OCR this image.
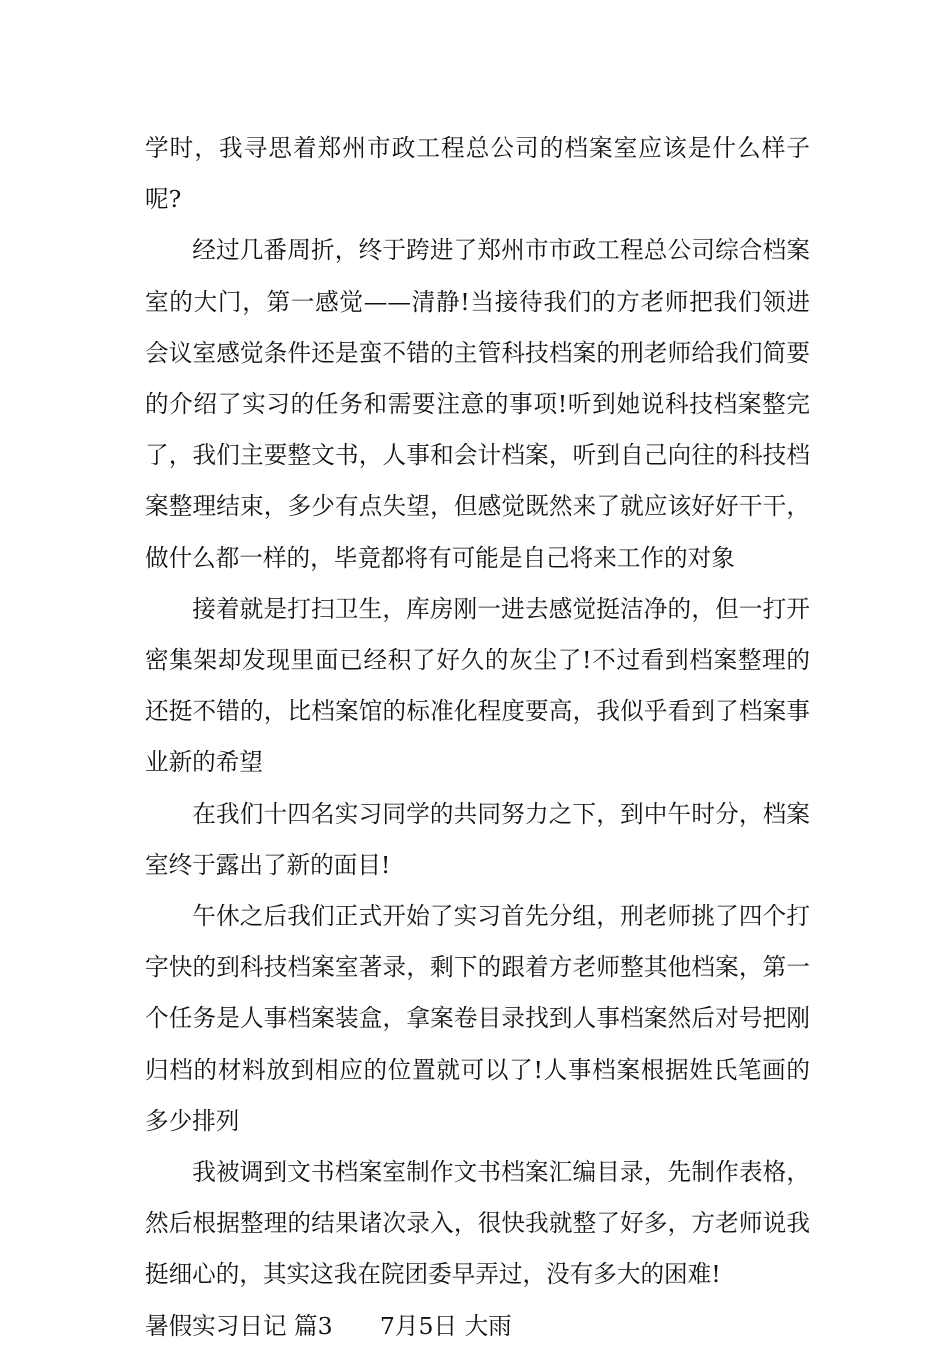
学时，我寻思着郑州市政工程总公司的档案室应该是什么样子呢?

经过几番周折，终于跨进了郑州市市政工程总公司综合档案室的大门，第一感觉——清静!当接待我们的方老师把我们领进会议室感觉条件还是蛮不错的主管科技档案的刑老师给我们简要的介绍了实习的任务和需要注意的事项!听到她说科技档案整完了，我们主要整文书，人事和会计档案，听到自己向往的科技档案整理结束，多少有点失望，但感觉既然来了就应该好好干干，做什么都一样的，毕竟都将有可能是自己将来工作的对象

接着就是打扫卫生，库房刚一进去感觉挺洁净的，但一打开密集架却发现里面已经积了好久的灰尘了!不过看到档案整理的还挺不错的，比档案馆的标准化程度要高，我似乎看到了档案事业新的希望

在我们十四名实习同学的共同努力之下，到中午时分，档案室终于露出了新的面目!

午休之后我们正式开始了实习首先分组，刑老师挑了四个打字快的到科技档案室著录，剩下的跟着方老师整其他档案，第一个任务是人事档案装盒，拿案卷目录找到人事档案然后对号把刚归档的材料放到相应的位置就可以了!人事档案根据姓氏笔画的多少排列

我被调到文书档案室制作文书档案汇编目录，先制作表格，然后根据整理的结果诸次录入，很快我就整了好多，方老师说我挺细心的，其实这我在院团委早弄过，没有多大的困难!

暑假实习日记 篇3　　7月5日 大雨
